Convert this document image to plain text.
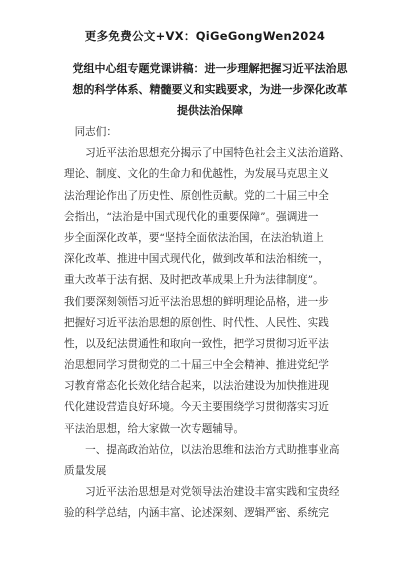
更多免费公文+VX：QiGeGongWen2024
党组中心组专题党课讲稿：进一步理解把握习近平法治思
想的科学体系、精髓要义和实践要求，为进一步深化改革
提供法治保障
　同志们：
　　习近平法治思想充分揭示了中国特色社会主义法治道路、
理论、制度、文化的生命力和优越性，为发展马克思主义
法治理论作出了历史性、原创性贡献。党的二十届三中全
会指出，“法治是中国式现代化的重要保障”。强调进一
步全面深化改革，要“坚持全面依法治国，在法治轨道上
深化改革、推进中国式现代化，做到改革和法治相统一，
重大改革于法有据、及时把改革成果上升为法律制度”。
我们要深刻领悟习近平法治思想的鲜明理论品格，进一步
把握好习近平法治思想的原创性、时代性、人民性、实践
性，以及纪法贯通性和取向一致性，把学习贯彻习近平法
治思想同学习贯彻党的二十届三中全会精神、推进党纪学
习教育常态化长效化结合起来，以法治建设为加快推进现
代化建设营造良好环境。今天主要围绕学习贯彻落实习近
平法治思想，给大家做一次专题辅导。
　　一、提高政治站位，以法治思维和法治方式助推事业高
质量发展
　　习近平法治思想是对党领导法治建设丰富实践和宝贵经
验的科学总结，内涵丰富、论述深刻、逻辑严密、系统完
